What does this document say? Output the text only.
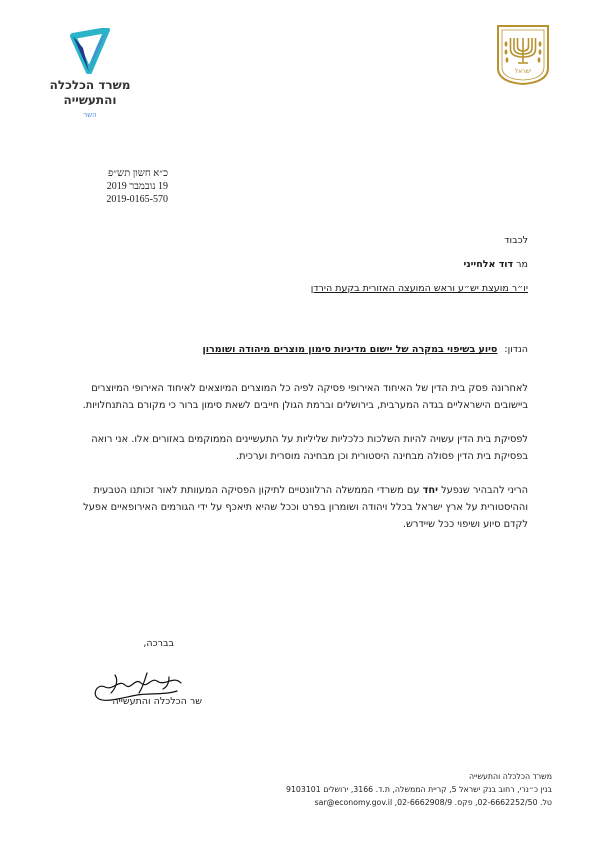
משרד הכלכלה
והתעשייה
השר
ישראל
כ״א חשון תש״פ
19 נובמבר 2019
2019-0165-570
לכבוד
מר דוד אלחייני
יו״ר מועצת יש״ע וראש המועצה האזורית בקעת הירדן
הנדון: סיוע בשיפוי במקרה של יישום מדיניות סימון מוצרים מיהודה ושומרון

לאחרונה פסק בית הדין של האיחוד האירופי פסיקה לפיה כל המוצרים המיוצאים לאיחוד האירופי המיוצרים ביישובים הישראליים בגדה המערבית, בירושלים וברמת הגולן חייבים לשאת סימון ברור כי מקורם בהתנחלויות.

לפסיקת בית הדין עשויה להיות השלכות כלכליות שליליות על התעשיינים הממוקמים באזורים אלו. אני רואה בפסיקת בית הדין פסולה מבחינה היסטורית וכן מבחינה מוסרית וערכית.

הריני להבהיר שנפעל יחד עם משרדי הממשלה הרלוונטיים לתיקון הפסיקה המעוותת לאור זכותנו הטבעית וההיסטורית על ארץ ישראל בכלל ויהודה ושומרון בפרט וככל שהיא תיאכף על ידי הגורמים האירופאיים אפעל לקדם סיוע ושיפוי ככל שיידרש.

בברכה,
שר הכלכלה והתעשייה
משרד הכלכלה והתעשייה
בנין כ״נרי, רחוב בנק ישראל 5, קריית הממשלה, ת.ד. 3166, ירושלים 9103101
טל. 02-6662252/50, פקס. 02-6662908/9, sar@economy.gov.il
